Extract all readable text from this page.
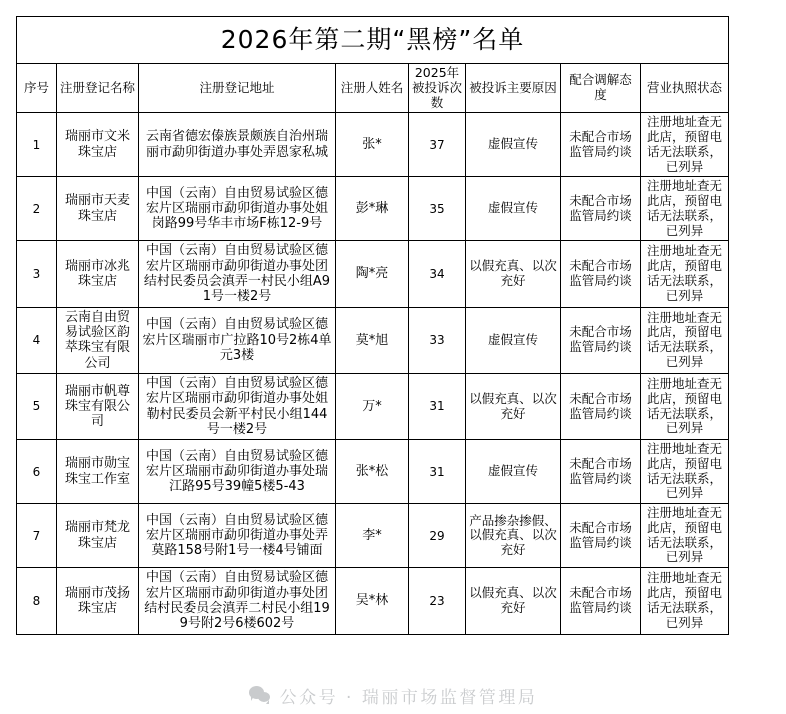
2026年第二期“黑榜”名单							
序号	注册登记名称	注册登记地址	注册人姓名	2025年被投诉次数	被投诉主要原因	配合调解态度	营业执照状态
1	瑞丽市文米珠宝店	云南省德宏傣族景颇族自治州瑞丽市勐卯街道办事处弄恩家私城	张*	37	虚假宣传	未配合市场监管局约谈	注册地址查无此店，预留电话无法联系，已列异
2	瑞丽市天麦珠宝店	中国（云南）自由贸易试验区德宏片区瑞丽市勐卯街道办事处姐岗路99号华丰市场F栋12-9号	彭*琳	35	虚假宣传	未配合市场监管局约谈	注册地址查无此店，预留电话无法联系，已列异
3	瑞丽市冰兆珠宝店	中国（云南）自由贸易试验区德宏片区瑞丽市勐卯街道办事处团结村民委员会滇弄一村民小组A91号一楼2号	陶*亮	34	以假充真、以次充好	未配合市场监管局约谈	注册地址查无此店，预留电话无法联系，已列异
4	云南自由贸易试验区韵萃珠宝有限公司	中国（云南）自由贸易试验区德宏片区瑞丽市广拉路10号2栋4单元3楼	莫*旭	33	虚假宣传	未配合市场监管局约谈	注册地址查无此店，预留电话无法联系，已列异
5	瑞丽市帆尊珠宝有限公司	中国（云南）自由贸易试验区德宏片区瑞丽市勐卯街道办事处姐勒村民委员会新平村民小组144号一楼2号	万*	31	以假充真、以次充好	未配合市场监管局约谈	注册地址查无此店，预留电话无法联系，已列异
6	瑞丽市勋宝珠宝工作室	中国（云南）自由贸易试验区德宏片区瑞丽市勐卯街道办事处瑞江路95号39幢5楼5-43	张*松	31	虚假宣传	未配合市场监管局约谈	注册地址查无此店，预留电话无法联系，已列异
7	瑞丽市梵龙珠宝店	中国（云南）自由贸易试验区德宏片区瑞丽市勐卯街道办事处弄莫路158号附1号一楼4号铺面	李*	29	产品掺杂掺假、以假充真、以次充好	未配合市场监管局约谈	注册地址查无此店，预留电话无法联系，已列异
8	瑞丽市茂扬珠宝店	中国（云南）自由贸易试验区德宏片区瑞丽市勐卯街道办事处团结村民委员会滇弄二村民小组199号附2号6楼602号	吴*林	23	以假充真、以次充好	未配合市场监管局约谈	注册地址查无此店，预留电话无法联系，已列异
公众号 · 瑞丽市场监督管理局
